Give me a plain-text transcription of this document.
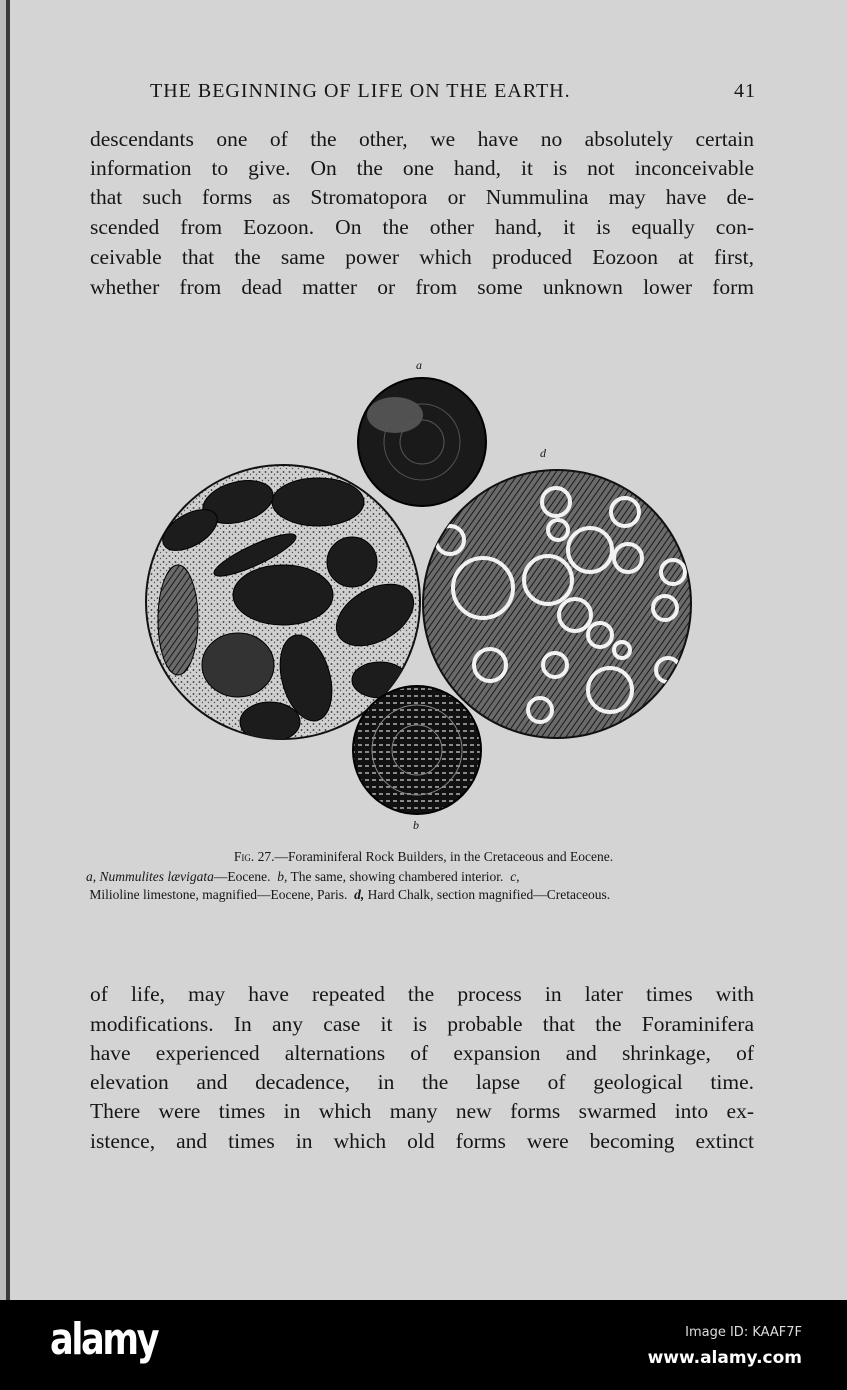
THE BEGINNING OF LIFE ON THE EARTH.	41
descendants one of the other, we have no absolutely certain
information to give. On the one hand, it is not inconceivable
that such forms as Stromatopora or Nummulina may have de-
scended from Eozoon. On the other hand, it is equally con-
ceivable that the same power which produced Eozoon at first,
whether from dead matter or from some unknown lower form
a
d
b
Fig. 27.—Foraminiferal Rock Builders, in the Cretaceous and Eocene.
a, Nummulites lævigata—Eocene. b, The same, showing chambered interior. c,
Milioline limestone, magnified—Eocene, Paris. d, Hard Chalk, section magnified—Cretaceous.
of life, may have repeated the process in later times with
modifications. In any case it is probable that the Foraminifera
have experienced alternations of expansion and shrinkage, of
elevation and decadence, in the lapse of geological time.
There were times in which many new forms swarmed into ex-
istence, and times in which old forms were becoming extinct
alamy	Image ID: KAAF7F
www.alamy.com
